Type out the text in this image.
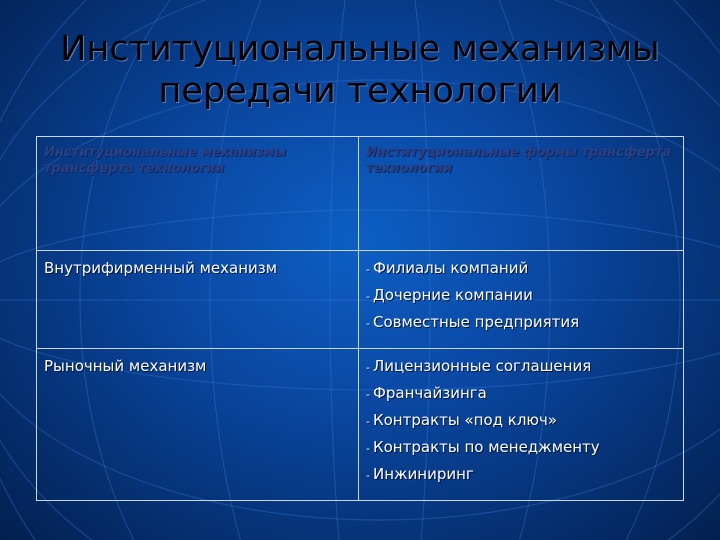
Институциональные механизмы передачи технологии
Институциональные механизмы трансферта технологии	Институциональные формы трансферта технологии

Внутрифирменный механизм	- Филиалы компаний
- Дочерние компании
- Совместные предприятия

Рыночный механизм	- Лицензионные соглашения
- Франчайзинга
- Контракты «под ключ»
- Контракты по менеджменту
- Инжиниринг
